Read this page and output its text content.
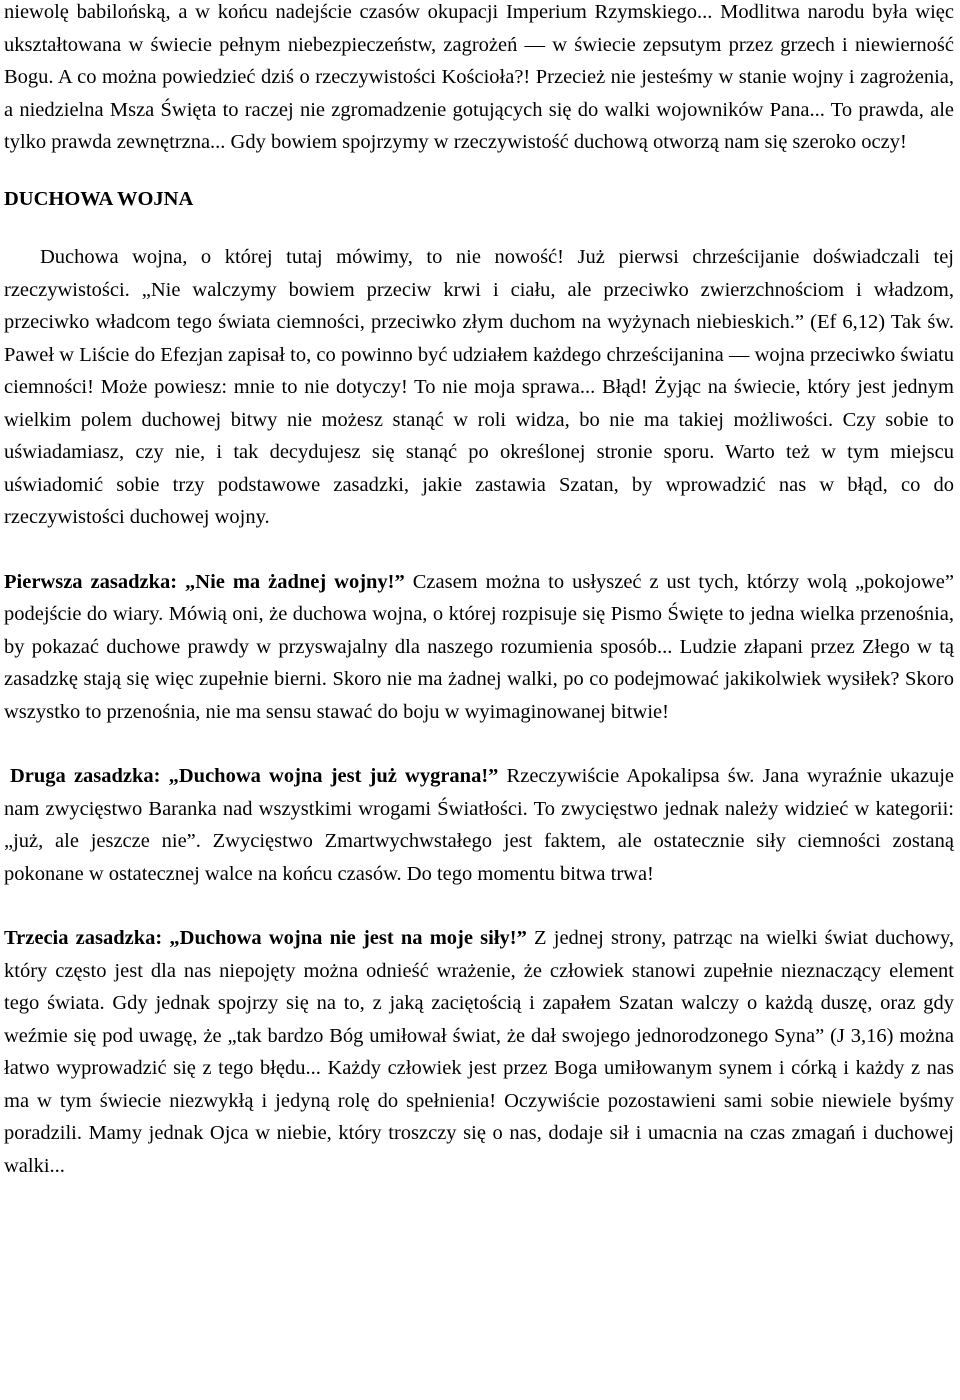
niewolę babilońską, a w końcu nadejście czasów okupacji Imperium Rzymskiego... Modlitwa narodu była więc ukształtowana w świecie pełnym niebezpieczeństw, zagrożeń — w świecie zepsutym przez grzech i niewierność Bogu. A co można powiedzieć dziś o rzeczywistości Kościoła?! Przecież nie jesteśmy w stanie wojny i zagrożenia, a niedzielna Msza Święta to raczej nie zgromadzenie gotujących się do walki wojowników Pana... To prawda, ale tylko prawda zewnętrzna... Gdy bowiem spojrzymy w rzeczywistość duchową otworzą nam się szeroko oczy!

DUCHOWA WOJNA

Duchowa wojna, o której tutaj mówimy, to nie nowość! Już pierwsi chrześcijanie doświadczali tej rzeczywistości. „Nie walczymy bowiem przeciw krwi i ciału, ale przeciwko zwierzchnościom i władzom, przeciwko władcom tego świata ciemności, przeciwko złym duchom na wyżynach niebieskich.” (Ef 6,12) Tak św. Paweł w Liście do Efezjan zapisał to, co powinno być udziałem każdego chrześcijanina — wojna przeciwko światu ciemności! Może powiesz: mnie to nie dotyczy! To nie moja sprawa... Błąd! Żyjąc na świecie, który jest jednym wielkim polem duchowej bitwy nie możesz stanąć w roli widza, bo nie ma takiej możliwości. Czy sobie to uświadamiasz, czy nie, i tak decydujesz się stanąć po określonej stronie sporu. Warto też w tym miejscu uświadomić sobie trzy podstawowe zasadzki, jakie zastawia Szatan, by wprowadzić nas w błąd, co do rzeczywistości duchowej wojny.

Pierwsza zasadzka: „Nie ma żadnej wojny!” Czasem można to usłyszeć z ust tych, którzy wolą „pokojowe” podejście do wiary. Mówią oni, że duchowa wojna, o której rozpisuje się Pismo Święte to jedna wielka przenośnia, by pokazać duchowe prawdy w przyswajalny dla naszego rozumienia sposób... Ludzie złapani przez Złego w tą zasadzkę stają się więc zupełnie bierni. Skoro nie ma żadnej walki, po co podejmować jakikolwiek wysiłek? Skoro wszystko to przenośnia, nie ma sensu stawać do boju w wyimaginowanej bitwie!

Druga zasadzka: „Duchowa wojna jest już wygrana!” Rzeczywiście Apokalipsa św. Jana wyraźnie ukazuje nam zwycięstwo Baranka nad wszystkimi wrogami Światłości. To zwycięstwo jednak należy widzieć w kategorii: „już, ale jeszcze nie”. Zwycięstwo Zmartwychwstałego jest faktem, ale ostatecznie siły ciemności zostaną pokonane w ostatecznej walce na końcu czasów. Do tego momentu bitwa trwa!

Trzecia zasadzka: „Duchowa wojna nie jest na moje siły!” Z jednej strony, patrząc na wielki świat duchowy, który często jest dla nas niepojęty można odnieść wrażenie, że człowiek stanowi zupełnie nieznaczący element tego świata. Gdy jednak spojrzy się na to, z jaką zaciętością i zapałem Szatan walczy o każdą duszę, oraz gdy weźmie się pod uwagę, że „tak bardzo Bóg umiłował świat, że dał swojego jednorodzonego Syna” (J 3,16) można łatwo wyprowadzić się z tego błędu... Każdy człowiek jest przez Boga umiłowanym synem i córką i każdy z nas ma w tym świecie niezwykłą i jedyną rolę do spełnienia! Oczywiście pozostawieni sami sobie niewiele byśmy poradzili. Mamy jednak Ojca w niebie, który troszczy się o nas, dodaje sił i umacnia na czas zmagań i duchowej walki...
